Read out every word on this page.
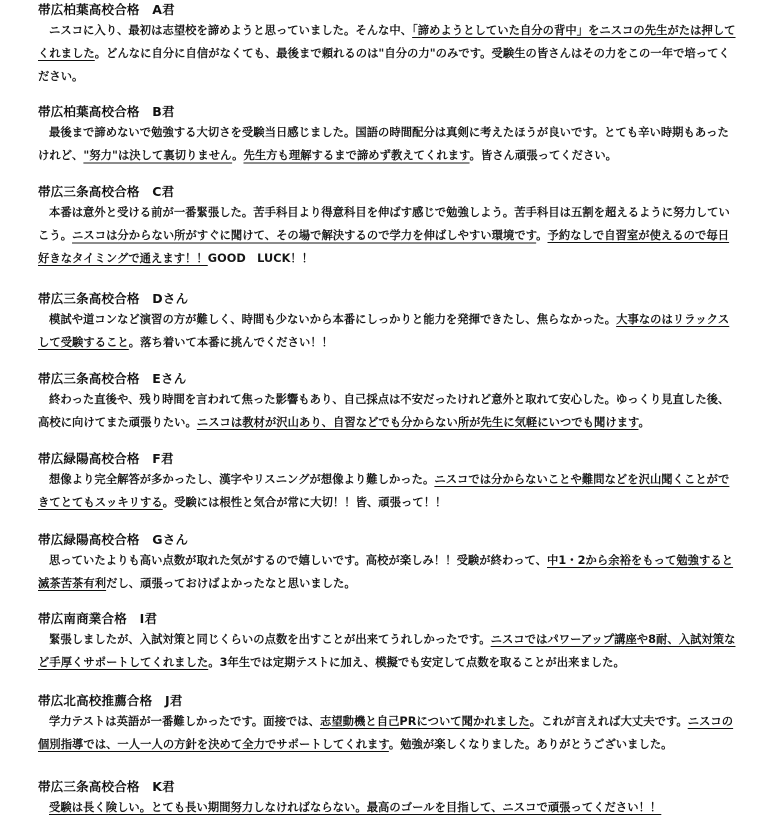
帯広柏葉高校合格　A君
ニスコに入り、最初は志望校を諦めようと思っていました。そんな中、「諦めようとしていた自分の背中」をニスコの先生がたは押してくれました。どんなに自分に自信がなくても、最後まで頼れるのは"自分の力"のみです。受験生の皆さんはその力をこの一年で培ってください。
帯広柏葉高校合格　B君
最後まで諦めないで勉強する大切さを受験当日感じました。国語の時間配分は真剣に考えたほうが良いです。とても辛い時期もあったけれど、"努力"は決して裏切りません。先生方も理解するまで諦めず教えてくれます。皆さん頑張ってください。
帯広三条高校合格　C君
本番は意外と受ける前が一番緊張した。苦手科目より得意科目を伸ばす感じで勉強しよう。苦手科目は五割を超えるように努力していこう。ニスコは分からない所がすぐに聞けて、その場で解決するので学力を伸ばしやすい環境です。予約なしで自習室が使えるので毎日好きなタイミングで通えます！！GOOD　LUCK！！
帯広三条高校合格　Dさん
模試や道コンなど演習の方が難しく、時間も少ないから本番にしっかりと能力を発揮できたし、焦らなかった。大事なのはリラックスして受験すること。落ち着いて本番に挑んでください！！
帯広三条高校合格　Eさん
終わった直後や、残り時間を言われて焦った影響もあり、自己採点は不安だったけれど意外と取れて安心した。ゆっくり見直した後、高校に向けてまた頑張りたい。ニスコは教材が沢山あり、自習などでも分からない所が先生に気軽にいつでも聞けます。
帯広緑陽高校合格　F君
想像より完全解答が多かったし、漢字やリスニングが想像より難しかった。ニスコでは分からないことや難問などを沢山聞くことができてとてもスッキリする。受験には根性と気合が常に大切！！皆、頑張って！！
帯広緑陽高校合格　Gさん
思っていたよりも高い点数が取れた気がするので嬉しいです。高校が楽しみ！！受験が終わって、中1・2から余裕をもって勉強すると滅茶苦茶有利だし、頑張っておけばよかったなと思いました。
帯広南商業合格　I君
緊張しましたが、入試対策と同じくらいの点数を出すことが出来てうれしかったです。ニスコではパワーアップ講座や8耐、入試対策など手厚くサポートしてくれました。3年生では定期テストに加え、模擬でも安定して点数を取ることが出来ました。
帯広北高校推薦合格　J君
学力テストは英語が一番難しかったです。面接では、志望動機と自己PRについて聞かれました。これが言えれば大丈夫です。ニスコの個別指導では、一人一人の方針を決めて全力でサポートしてくれます。勉強が楽しくなりました。ありがとうございました。
帯広三条高校合格　K君
受験は長く険しい。とても長い期間努力しなければならない。最高のゴールを目指して、ニスコで頑張ってください！！
